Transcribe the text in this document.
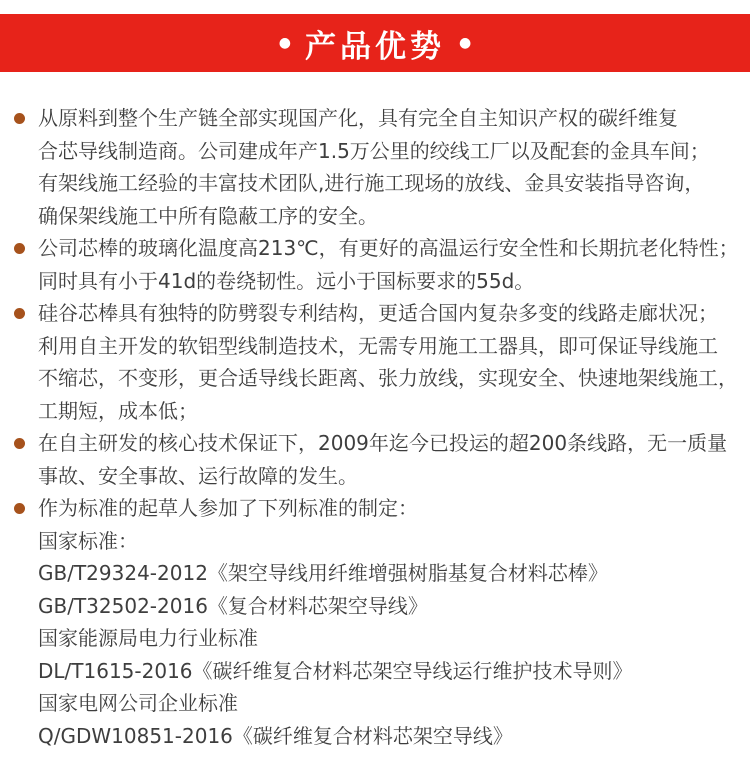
● 产品优势 ●
从原料到整个生产链全部实现国产化，具有完全自主知识产权的碳纤维复
合芯导线制造商。公司建成年产1.5万公里的绞线工厂以及配套的金具车间；
有架线施工经验的丰富技术团队,进行施工现场的放线、金具安装指导咨询，
确保架线施工中所有隐蔽工序的安全。
公司芯棒的玻璃化温度高213℃，有更好的高温运行安全性和长期抗老化特性；
同时具有小于41d的卷绕韧性。远小于国标要求的55d。
硅谷芯棒具有独特的防劈裂专利结构，更适合国内复杂多变的线路走廊状况；
利用自主开发的软铝型线制造技术，无需专用施工工器具，即可保证导线施工
不缩芯，不变形，更合适导线长距离、张力放线，实现安全、快速地架线施工，
工期短，成本低；
在自主研发的核心技术保证下，2009年迄今已投运的超200条线路，无一质量
事故、安全事故、运行故障的发生。
作为标准的起草人参加了下列标准的制定：
国家标准：
GB/T29324-2012《架空导线用纤维增强树脂基复合材料芯棒》
GB/T32502-2016《复合材料芯架空导线》
国家能源局电力行业标准
DL/T1615-2016《碳纤维复合材料芯架空导线运行维护技术导则》
国家电网公司企业标准
Q/GDW10851-2016《碳纤维复合材料芯架空导线》
